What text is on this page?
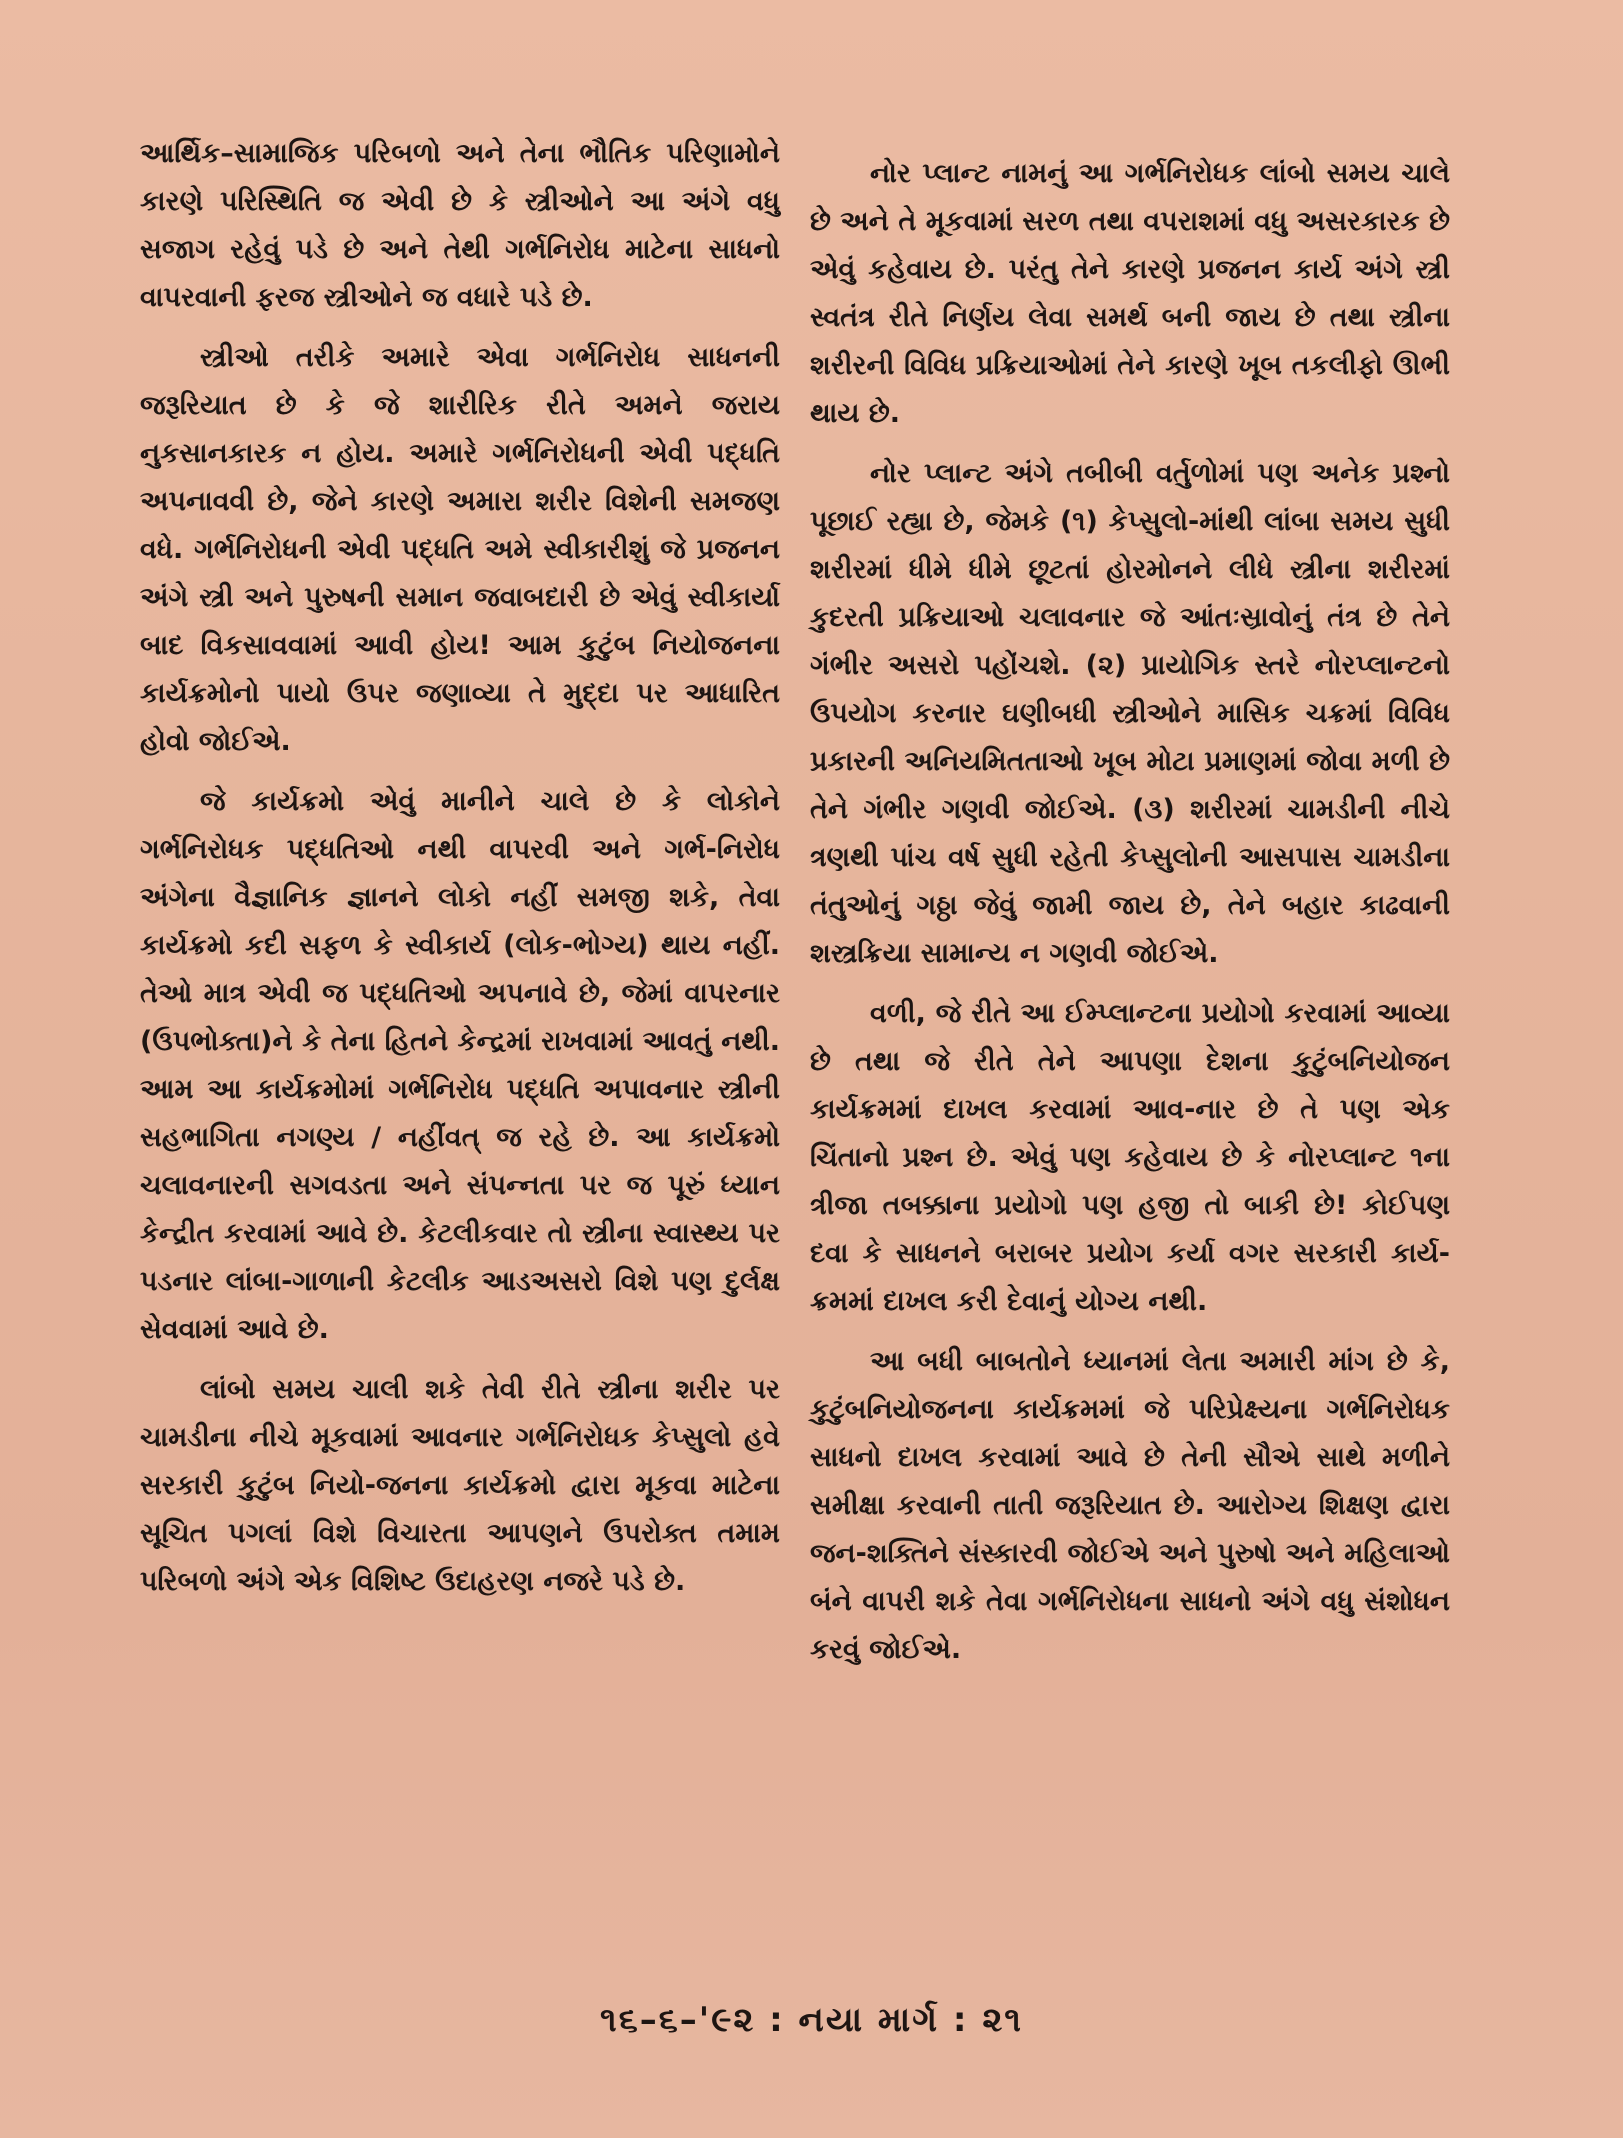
આર્થિક–સામાજિક પરિબળો અને તેના ભૌતિક પરિણામોને કારણે પરિસ્થિતિ જ એવી છે કે સ્ત્રીઓને આ અંગે વધુ સજાગ રહેવું પડે છે અને તેથી ગર્ભનિરોધ માટેના સાધનો વાપરવાની ફરજ સ્ત્રીઓને જ વધારે પડે છે.

સ્ત્રીઓ તરીકે અમારે એવા ગર્ભનિરોધ સાધનની જરૂરિયાત છે કે જે શારીરિક રીતે અમને જરાય નુકસાનકારક ન હોય. અમારે ગર્ભનિરોધની એવી પદ્ધતિ અપનાવવી છે, જેને કારણે અમારા શરીર વિશેની સમજણ વધે. ગર્ભનિરોધની એવી પદ્ધતિ અમે સ્વીકારીશું જે પ્રજનન અંગે સ્ત્રી અને પુરુષની સમાન જવાબદારી છે એવું સ્વીકાર્યા બાદ વિકસાવવામાં આવી હોય! આમ કુટુંબ નિયોજનના કાર્યક્રમોનો પાયો ઉપર જણાવ્યા તે મુદ્દા પર આધારિત હોવો જોઈએ.

જે કાર્યક્રમો એવું માનીને ચાલે છે કે લોકોને ગર્ભનિરોધક પદ્ધતિઓ નથી વાપરવી અને ગર્ભ-નિરોધ અંગેના વૈજ્ઞાનિક જ્ઞાનને લોકો નહીં સમજી શકે, તેવા કાર્યક્રમો કદી સફળ કે સ્વીકાર્ય (લોક-ભોગ્ય) થાય નહીં. તેઓ માત્ર એવી જ પદ્ધતિઓ અપનાવે છે, જેમાં વાપરનાર (ઉપભોક્તા)ને કે તેના હિતને કેન્દ્રમાં રાખવામાં આવતું નથી. આમ આ કાર્યક્રમોમાં ગર્ભનિરોધ પદ્ધતિ અપાવનાર સ્ત્રીની સહભાગિતા નગણ્ય / નહીંવત્ જ રહે છે. આ કાર્યક્રમો ચલાવનારની સગવડતા અને સંપન્નતા પર જ પૂરું ધ્યાન કેન્દ્રીત કરવામાં આવે છે. કેટલીકવાર તો સ્ત્રીના સ્વાસ્થ્ય પર પડનાર લાંબા-ગાળાની કેટલીક આડઅસરો વિશે પણ દુર્લક્ષ સેવવામાં આવે છે.

લાંબો સમય ચાલી શકે તેવી રીતે સ્ત્રીના શરીર પર ચામડીના નીચે મૂકવામાં આવનાર ગર્ભનિરોધક કેપ્સુલો હવે સરકારી કુટુંબ નિયો-જનના કાર્યક્રમો દ્વારા મૂકવા માટેના સૂચિત પગલાં વિશે વિચારતા આપણને ઉપરોક્ત તમામ પરિબળો અંગે એક વિશિષ્ટ ઉદાહરણ નજરે પડે છે.

નોર પ્લાન્ટ નામનું આ ગર્ભનિરોધક લાંબો સમય ચાલે છે અને તે મૂકવામાં સરળ તથા વપરાશમાં વધુ અસરકારક છે એવું કહેવાય છે. પરંતુ તેને કારણે પ્રજનન કાર્ય અંગે સ્ત્રી સ્વતંત્ર રીતે નિર્ણય લેવા સમર્થ બની જાય છે તથા સ્ત્રીના શરીરની વિવિધ પ્રક્રિયાઓમાં તેને કારણે ખૂબ તકલીફો ઊભી થાય છે.

નોર પ્લાન્ટ અંગે તબીબી વર્તુળોમાં પણ અનેક પ્રશ્નો પૂછાઈ રહ્યા છે, જેમકે (૧) કેપ્સુલો-માંથી લાંબા સમય સુધી શરીરમાં ધીમે ધીમે છૂટતાં હોરમોનને લીધે સ્ત્રીના શરીરમાં કુદરતી પ્રક્રિયાઓ ચલાવનાર જે આંતઃસ્રાવોનું તંત્ર છે તેને ગંભીર અસરો પહોંચશે. (૨) પ્રાયોગિક સ્તરે નોરપ્લાન્ટનો ઉપયોગ કરનાર ઘણીબધી સ્ત્રીઓને માસિક ચક્રમાં વિવિધ પ્રકારની અનિયમિતતાઓ ખૂબ મોટા પ્રમાણમાં જોવા મળી છે તેને ગંભીર ગણવી જોઈએ. (૩) શરીરમાં ચામડીની નીચે ત્રણથી પાંચ વર્ષ સુધી રહેતી કેપ્સુલોની આસપાસ ચામડીના તંતુઓનું ગઠ્ઠા જેવું જામી જાય છે, તેને બહાર કાઢવાની શસ્ત્રક્રિયા સામાન્ય ન ગણવી જોઈએ.

વળી, જે રીતે આ ઈમ્પ્લાન્ટના પ્રયોગો કરવામાં આવ્યા છે તથા જે રીતે તેને આપણા દેશના કુટુંબનિયોજન કાર્યક્રમમાં દાખલ કરવામાં આવ-નાર છે તે પણ એક ચિંતાનો પ્રશ્ન છે. એવું પણ કહેવાય છે કે નોરપ્લાન્ટ ૧ના ત્રીજા તબક્કાના પ્રયોગો પણ હજી તો બાકી છે! કોઈપણ દવા કે સાધનને બરાબર પ્રયોગ કર્યા વગર સરકારી કાર્ય-ક્રમમાં દાખલ કરી દેવાનું યોગ્ય નથી.

આ બધી બાબતોને ધ્યાનમાં લેતા અમારી માંગ છે કે, કુટુંબનિયોજનના કાર્યક્રમમાં જે પરિપ્રેક્ષ્યના ગર્ભનિરોધક સાધનો દાખલ કરવામાં આવે છે તેની સૌએ સાથે મળીને સમીક્ષા કરવાની તાતી જરૂરિયાત છે. આરોગ્ય શિક્ષણ દ્વારા જન-શક્તિને સંસ્કારવી જોઈએ અને પુરુષો અને મહિલાઓ બંને વાપરી શકે તેવા ગર્ભનિરોધના સાધનો અંગે વધુ સંશોધન કરવું જોઈએ.

૧૬–૬–'૯૨ : નયા માર્ગ : ૨૧
